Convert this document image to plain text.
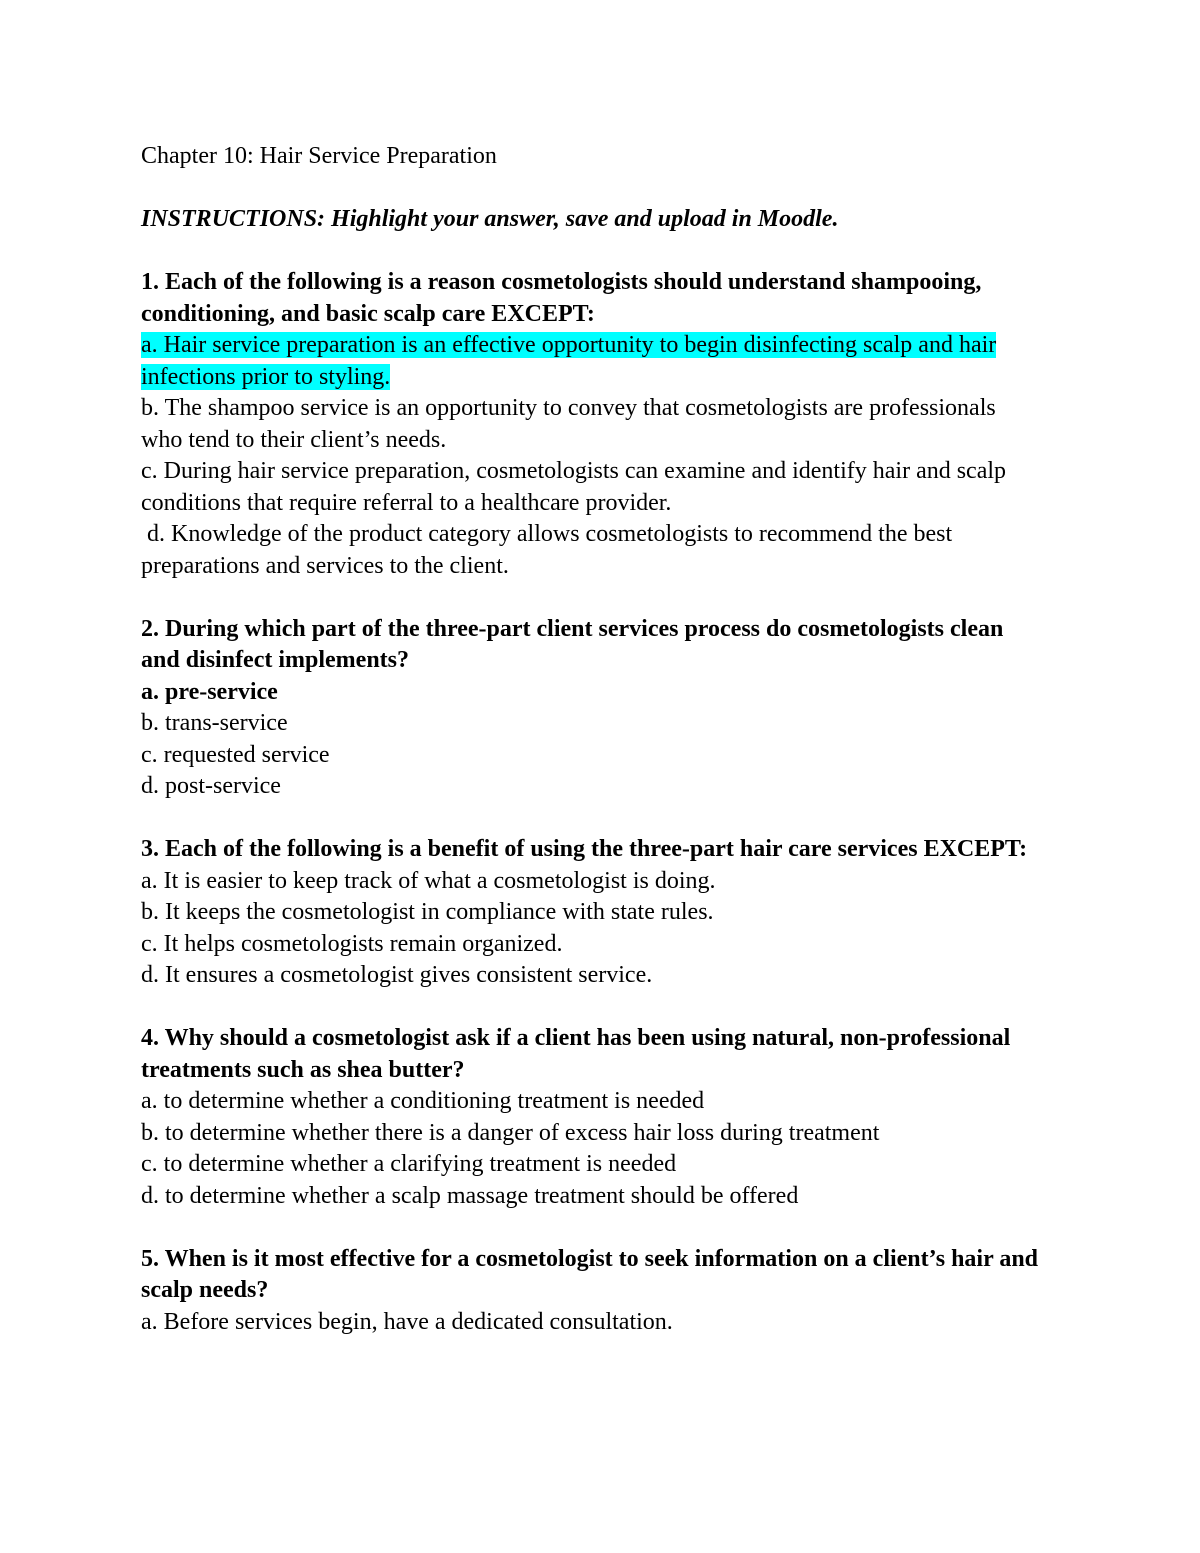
Chapter 10: Hair Service Preparation

INSTRUCTIONS: Highlight your answer, save and upload in Moodle.

1. Each of the following is a reason cosmetologists should understand shampooing, conditioning, and basic scalp care EXCEPT:

a. Hair service preparation is an effective opportunity to begin disinfecting scalp and hair infections prior to styling.

b. The shampoo service is an opportunity to convey that cosmetologists are professionals who tend to their client’s needs.

c. During hair service preparation, cosmetologists can examine and identify hair and scalp conditions that require referral to a healthcare provider.

d. Knowledge of the product category allows cosmetologists to recommend the best preparations and services to the client.

2. During which part of the three-part client services process do cosmetologists clean and disinfect implements?

a. pre-service

b. trans-service

c. requested service

d. post-service

3. Each of the following is a benefit of using the three-part hair care services EXCEPT:

a. It is easier to keep track of what a cosmetologist is doing.

b. It keeps the cosmetologist in compliance with state rules.

c. It helps cosmetologists remain organized.

d. It ensures a cosmetologist gives consistent service.

4. Why should a cosmetologist ask if a client has been using natural, non-professional treatments such as shea butter?

a. to determine whether a conditioning treatment is needed

b. to determine whether there is a danger of excess hair loss during treatment

c. to determine whether a clarifying treatment is needed

d. to determine whether a scalp massage treatment should be offered

5. When is it most effective for a cosmetologist to seek information on a client’s hair and scalp needs?

a. Before services begin, have a dedicated consultation.
